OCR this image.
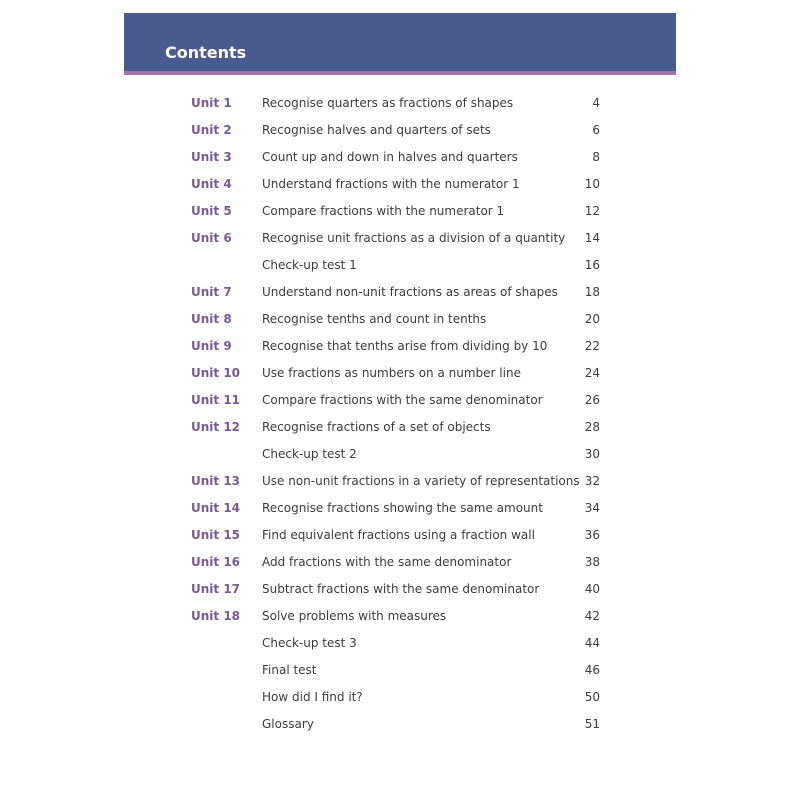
Contents
Unit 1	Recognise quarters as fractions of shapes	4
Unit 2	Recognise halves and quarters of sets	6
Unit 3	Count up and down in halves and quarters	8
Unit 4	Understand fractions with the numerator 1	10
Unit 5	Compare fractions with the numerator 1	12
Unit 6	Recognise unit fractions as a division of a quantity 14
Check-up test 1	16
Unit 7	Understand non-unit fractions as areas of shapes 18
Unit 8	Recognise tenths and count in tenths	20
Unit 9	Recognise that tenths arise from dividing by 10	22
Unit 10 Use fractions as numbers on a number line	24
Unit 11 Compare fractions with the same denominator	26
Unit 12 Recognise fractions of a set of objects	28
Check-up test 2	30
Unit 13 Use non-unit fractions in a variety of representations 32
Unit 14 Recognise fractions showing the same amount	34
Unit 15 Find equivalent fractions using a fraction wall	36
Unit 16 Add fractions with the same denominator	38
Unit 17 Subtract fractions with the same denominator	40
Unit 18 Solve problems with measures	42
Check-up test 3	44
Final test	46
How did I find it?	50
Glossary	51
